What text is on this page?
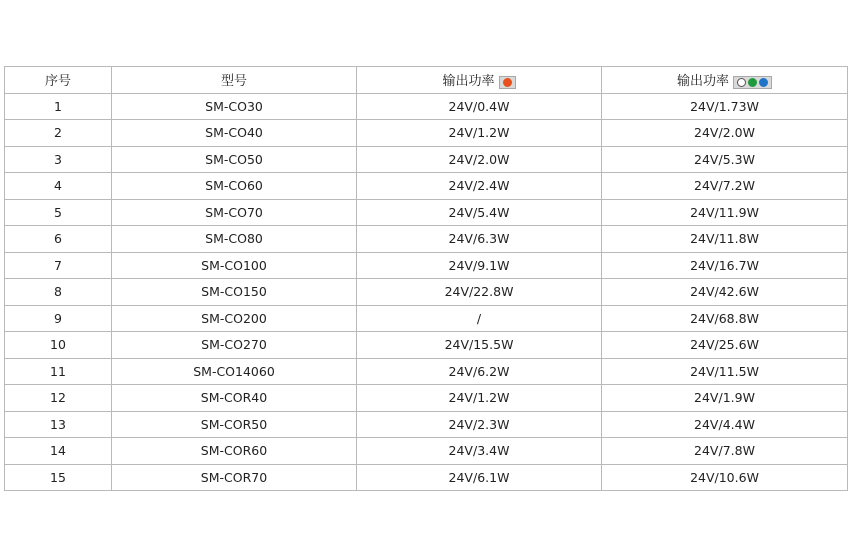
序号	型号	输出功率	输出功率
1	SM-CO30	24V/0.4W	24V/1.73W
2	SM-CO40	24V/1.2W	24V/2.0W
3	SM-CO50	24V/2.0W	24V/5.3W
4	SM-CO60	24V/2.4W	24V/7.2W
5	SM-CO70	24V/5.4W	24V/11.9W
6	SM-CO80	24V/6.3W	24V/11.8W
7	SM-CO100	24V/9.1W	24V/16.7W
8	SM-CO150	24V/22.8W	24V/42.6W
9	SM-CO200	/	24V/68.8W
10	SM-CO270	24V/15.5W	24V/25.6W
11	SM-CO14060	24V/6.2W	24V/11.5W
12	SM-COR40	24V/1.2W	24V/1.9W
13	SM-COR50	24V/2.3W	24V/4.4W
14	SM-COR60	24V/3.4W	24V/7.8W
15	SM-COR70	24V/6.1W	24V/10.6W
